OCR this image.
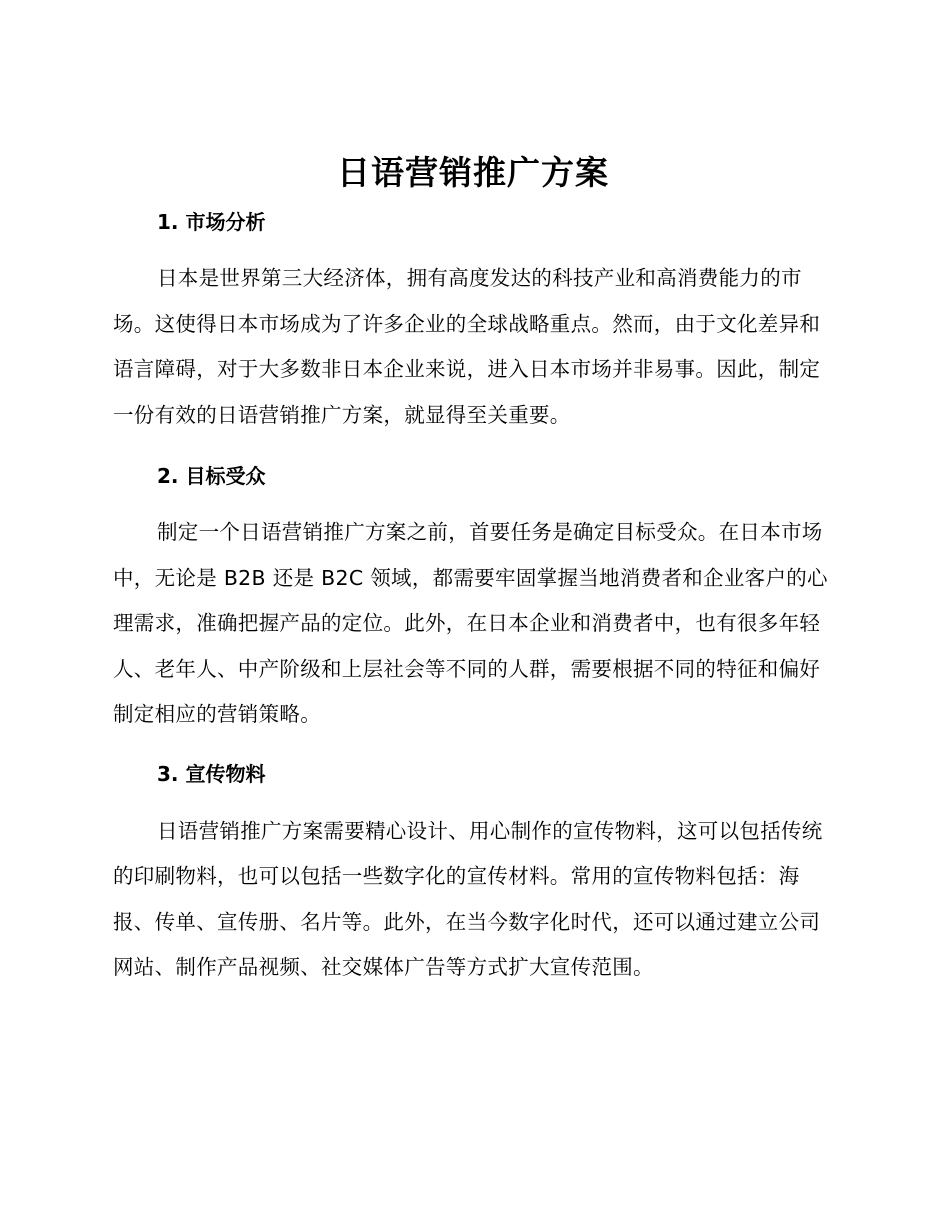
日语营销推广方案
1. 市场分析

日本是世界第三大经济体，拥有高度发达的科技产业和高消费能力的市场。这使得日本市场成为了许多企业的全球战略重点。然而，由于文化差异和语言障碍，对于大多数非日本企业来说，进入日本市场并非易事。因此，制定一份有效的日语营销推广方案，就显得至关重要。

2. 目标受众

制定一个日语营销推广方案之前，首要任务是确定目标受众。在日本市场中，无论是 B2B 还是 B2C 领域，都需要牢固掌握当地消费者和企业客户的心理需求，准确把握产品的定位。此外，在日本企业和消费者中，也有很多年轻人、老年人、中产阶级和上层社会等不同的人群，需要根据不同的特征和偏好制定相应的营销策略。

3. 宣传物料

日语营销推广方案需要精心设计、用心制作的宣传物料，这可以包括传统的印刷物料，也可以包括一些数字化的宣传材料。常用的宣传物料包括：海报、传单、宣传册、名片等。此外，在当今数字化时代，还可以通过建立公司网站、制作产品视频、社交媒体广告等方式扩大宣传范围。
